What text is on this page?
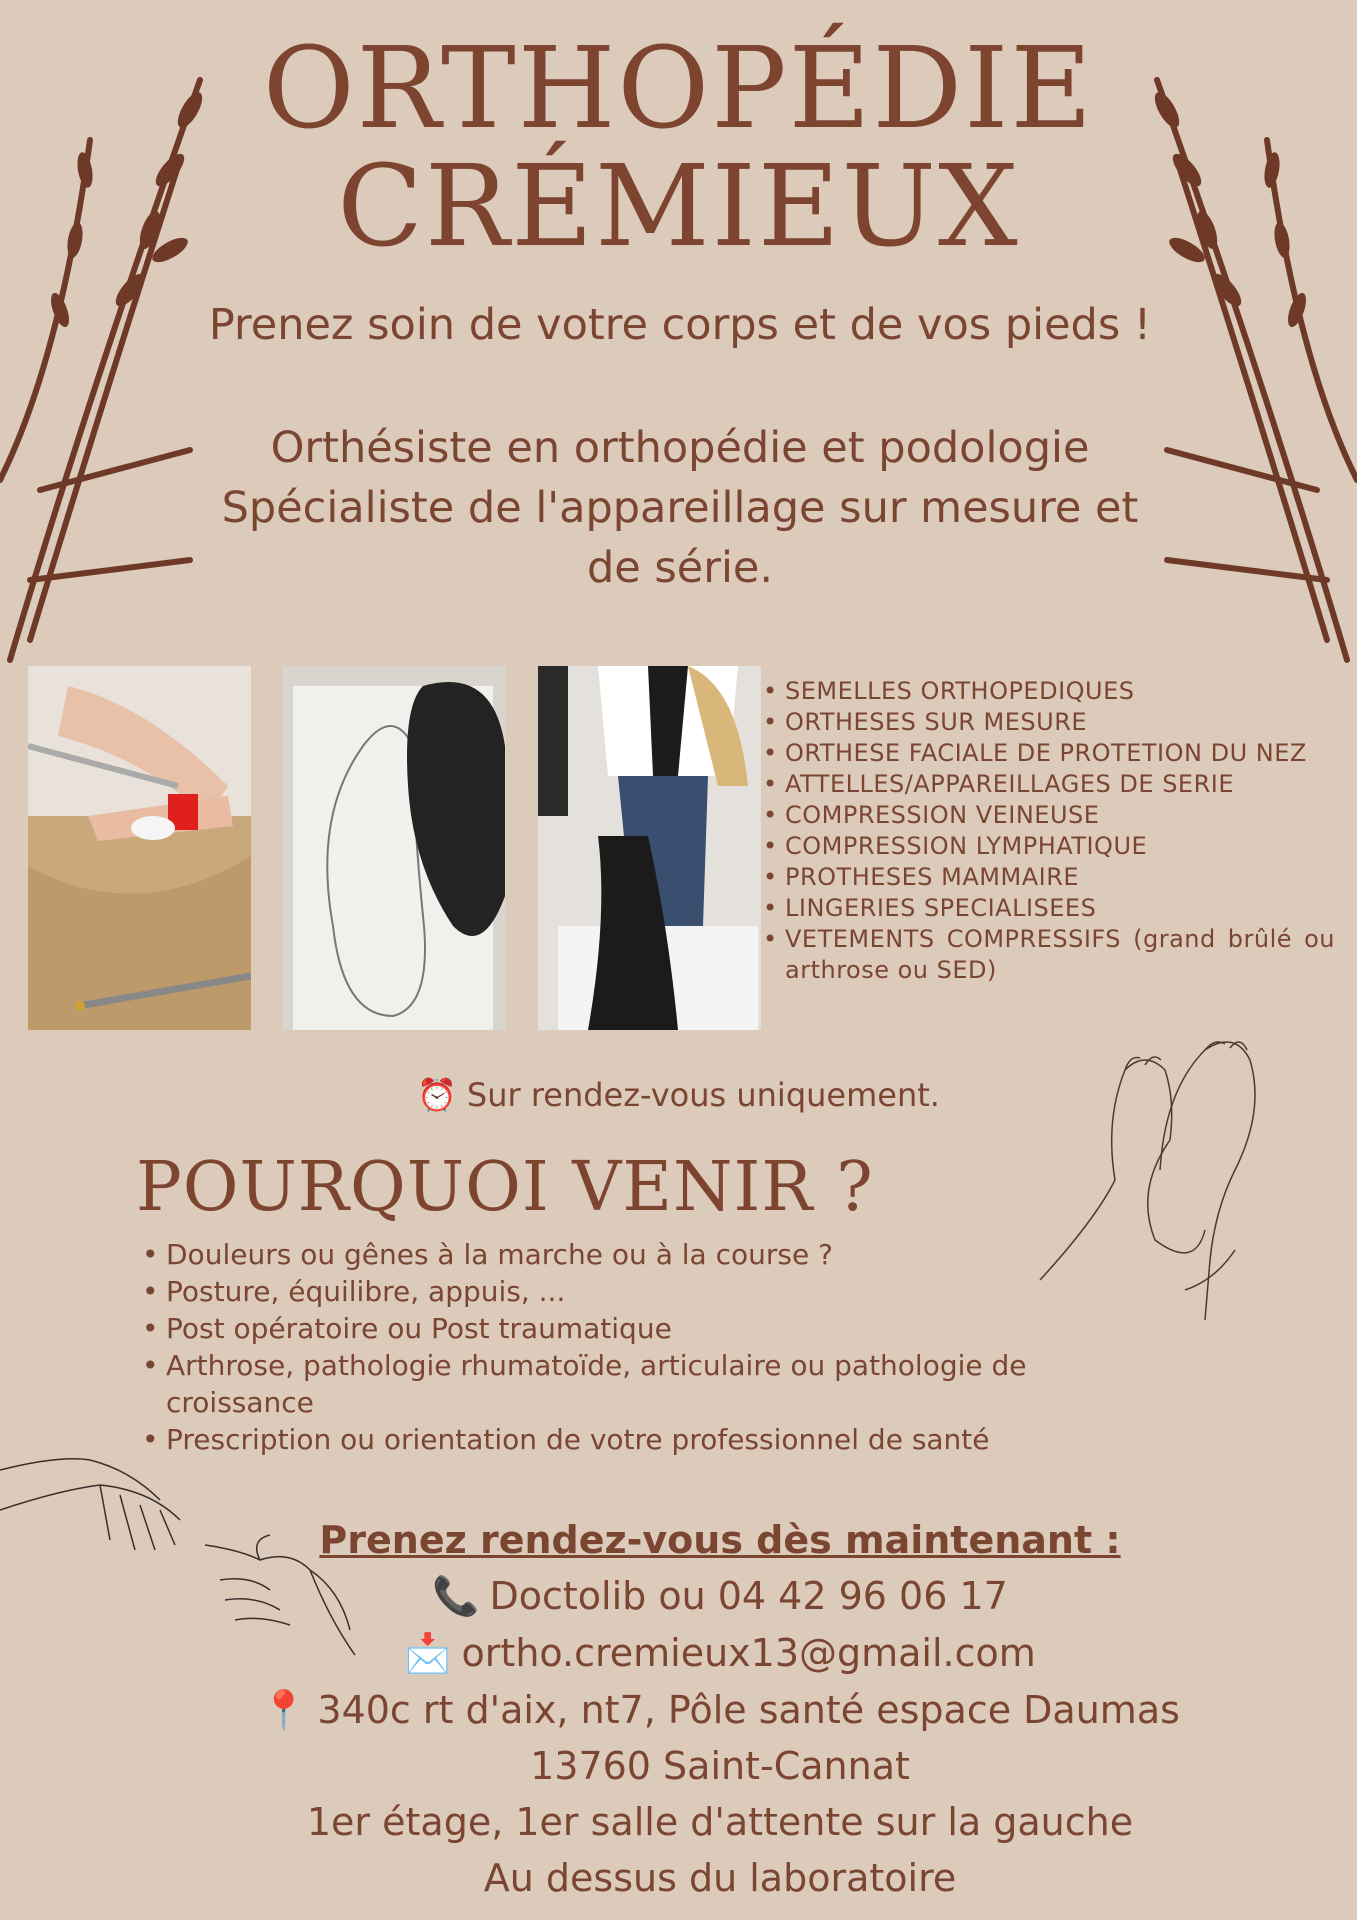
ORTHOPÉDIE
CRÉMIEUX
Prenez soin de votre corps et de vos pieds !
Orthésiste en orthopédie et podologie
Spécialiste de l'appareillage sur mesure et
de série.
• SEMELLES ORTHOPEDIQUES
• ORTHESES SUR MESURE
• ORTHESE FACIALE DE PROTETION DU NEZ
• ATTELLES/APPAREILLAGES DE SERIE
• COMPRESSION VEINEUSE
• COMPRESSION LYMPHATIQUE
• PROTHESES MAMMAIRE
• LINGERIES SPECIALISEES
• VETEMENTS COMPRESSIFS (grand brûlé ou arthrose ou SED)
⏰ Sur rendez-vous uniquement.
POURQUOI VENIR ?
• Douleurs ou gênes à la marche ou à la course ?
• Posture, équilibre, appuis, ...
• Post opératoire ou Post traumatique
• Arthrose, pathologie rhumatoïde, articulaire ou pathologie de croissance
• Prescription ou orientation de votre professionnel de santé
Prenez rendez-vous dès maintenant :
📞 Doctolib ou 04 42 96 06 17
📩 ortho.cremieux13@gmail.com
📍 340c rt d'aix, nt7, Pôle santé espace Daumas
13760 Saint-Cannat
1er étage, 1er salle d'attente sur la gauche
Au dessus du laboratoire
